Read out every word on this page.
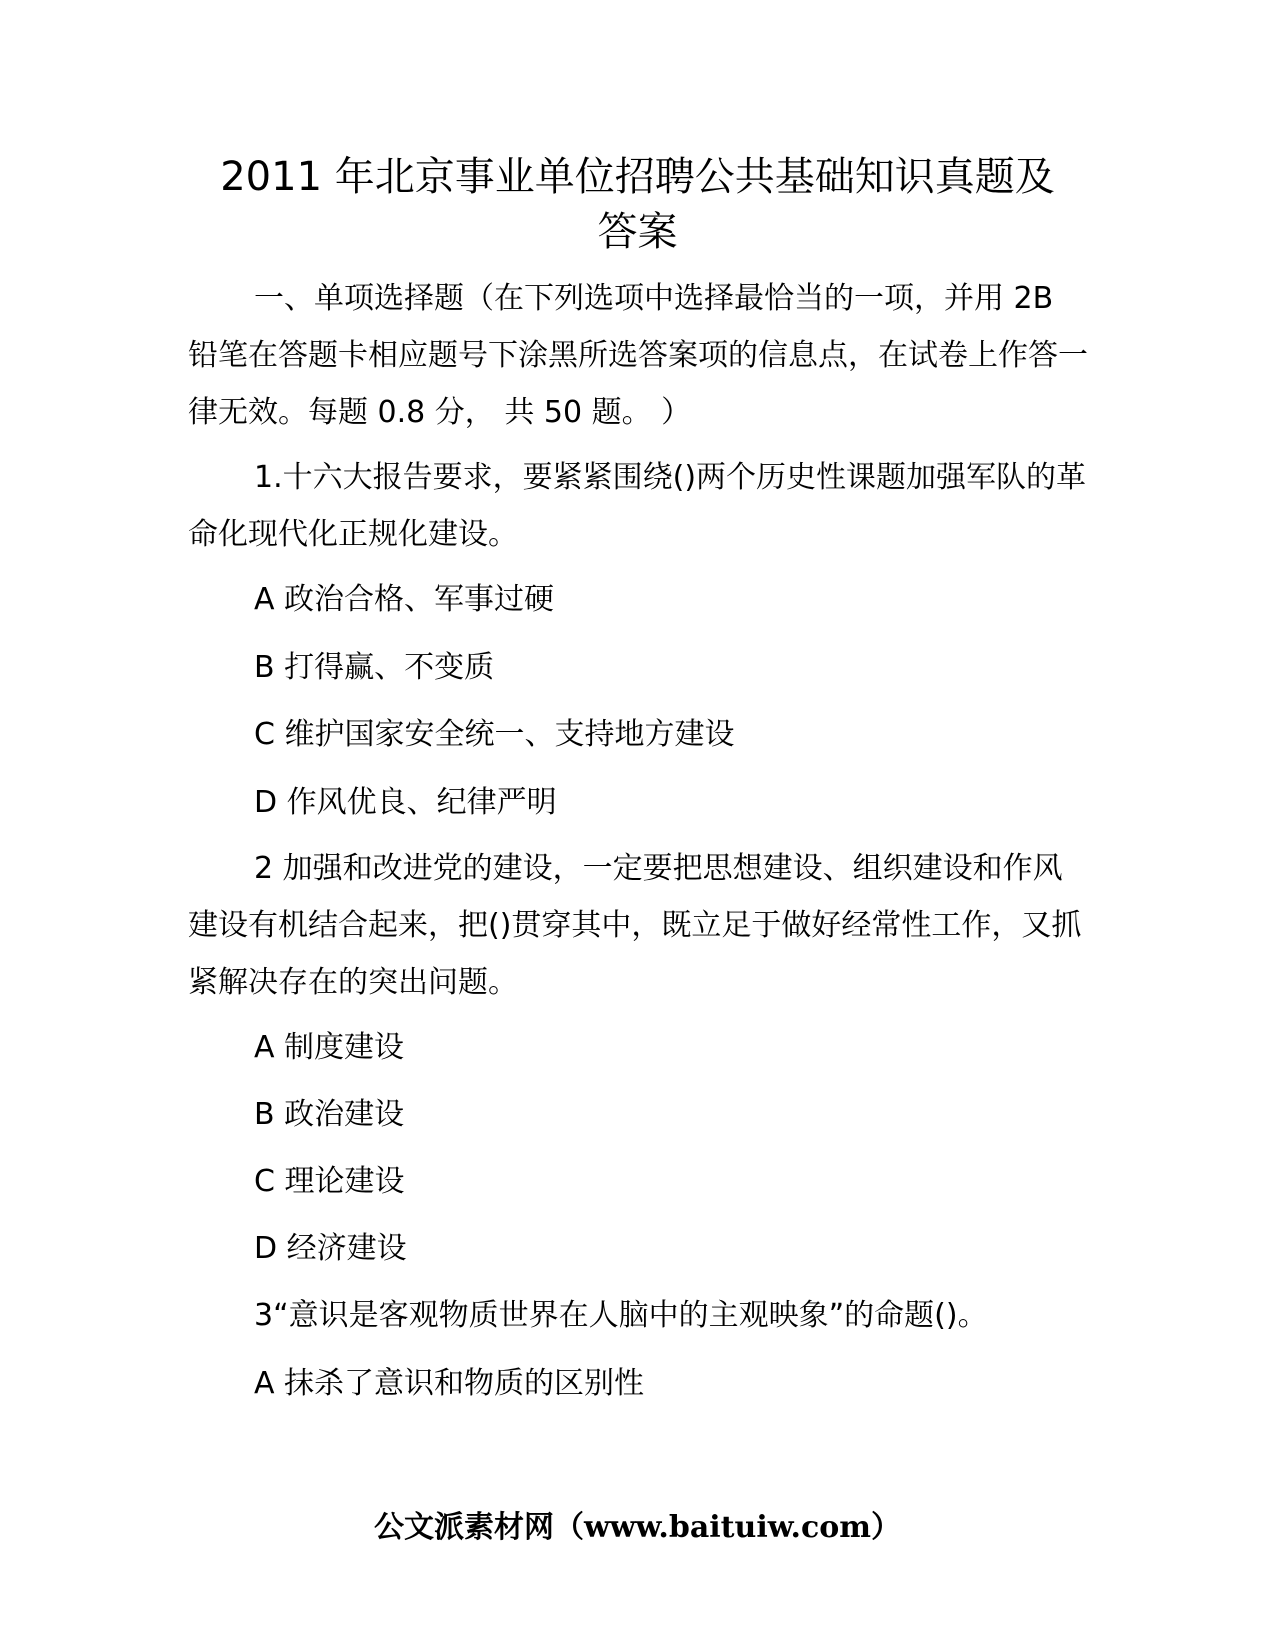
2011 年北京事业单位招聘公共基础知识真题及
答案

一、单项选择题（在下列选项中选择最恰当的一项，并用 2B 铅笔在答题卡相应题号下涂黑所选答案项的信息点，在试卷上作答一律无效。每题 0.8 分， 共 50 题。 ）

1.十六大报告要求，要紧紧围绕()两个历史性课题加强军队的革命化现代化正规化建设。

A 政治合格、军事过硬

B 打得赢、不变质

C 维护国家安全统一、支持地方建设

D 作风优良、纪律严明

2 加强和改进党的建设，一定要把思想建设、组织建设和作风建设有机结合起来，把()贯穿其中，既立足于做好经常性工作，又抓紧解决存在的突出问题。

A 制度建设

B 政治建设

C 理论建设

D 经济建设

3“意识是客观物质世界在人脑中的主观映象”的命题()。

A 抹杀了意识和物质的区别性

公文派素材网（www.baituiw.com）
